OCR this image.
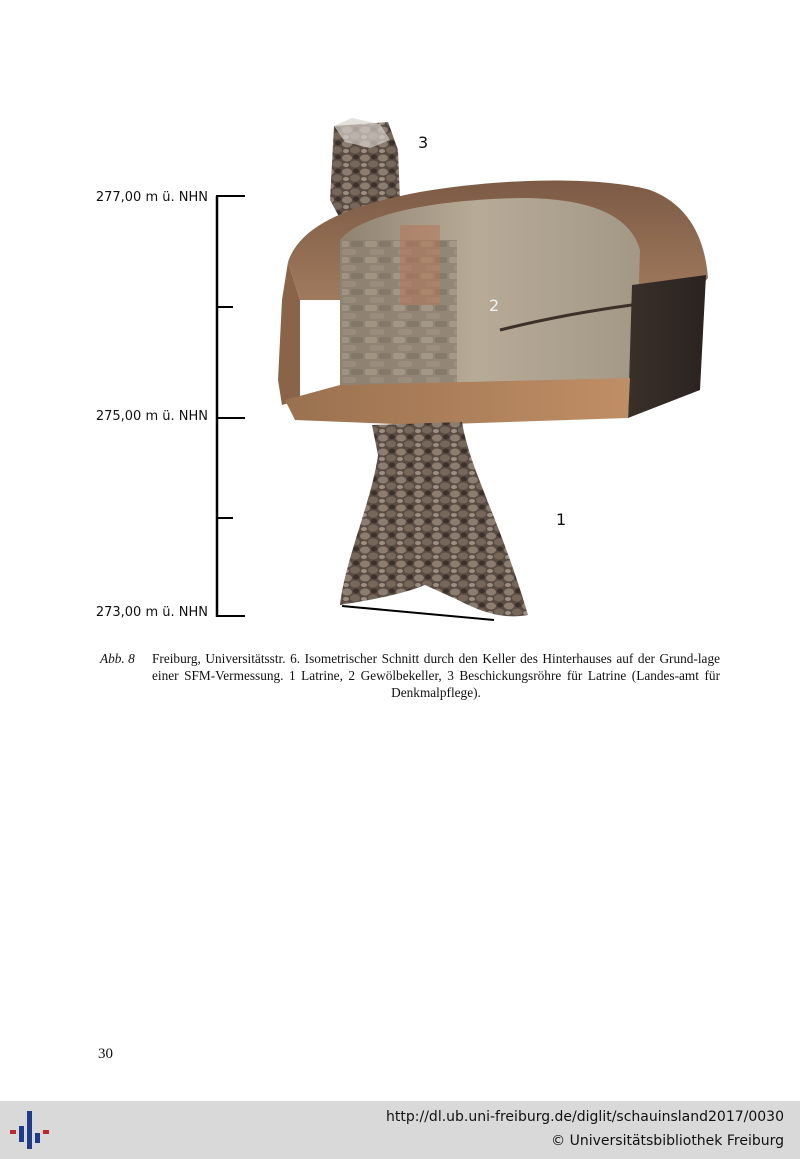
277,00 m ü. NHN
275,00 m ü. NHN
273,00 m ü. NHN
3
2
1
Abb. 8 Freiburg, Universitätsstr. 6. Isometrischer Schnitt durch den Keller des Hinterhauses auf der Grund-lage einer SFM-Vermessung. 1 Latrine, 2 Gewölbekeller, 3 Beschickungsröhre für Latrine (Landes-amt für Denkmalpflege).
30
http://dl.ub.uni-freiburg.de/diglit/schauinsland2017/0030
© Universitätsbibliothek Freiburg
